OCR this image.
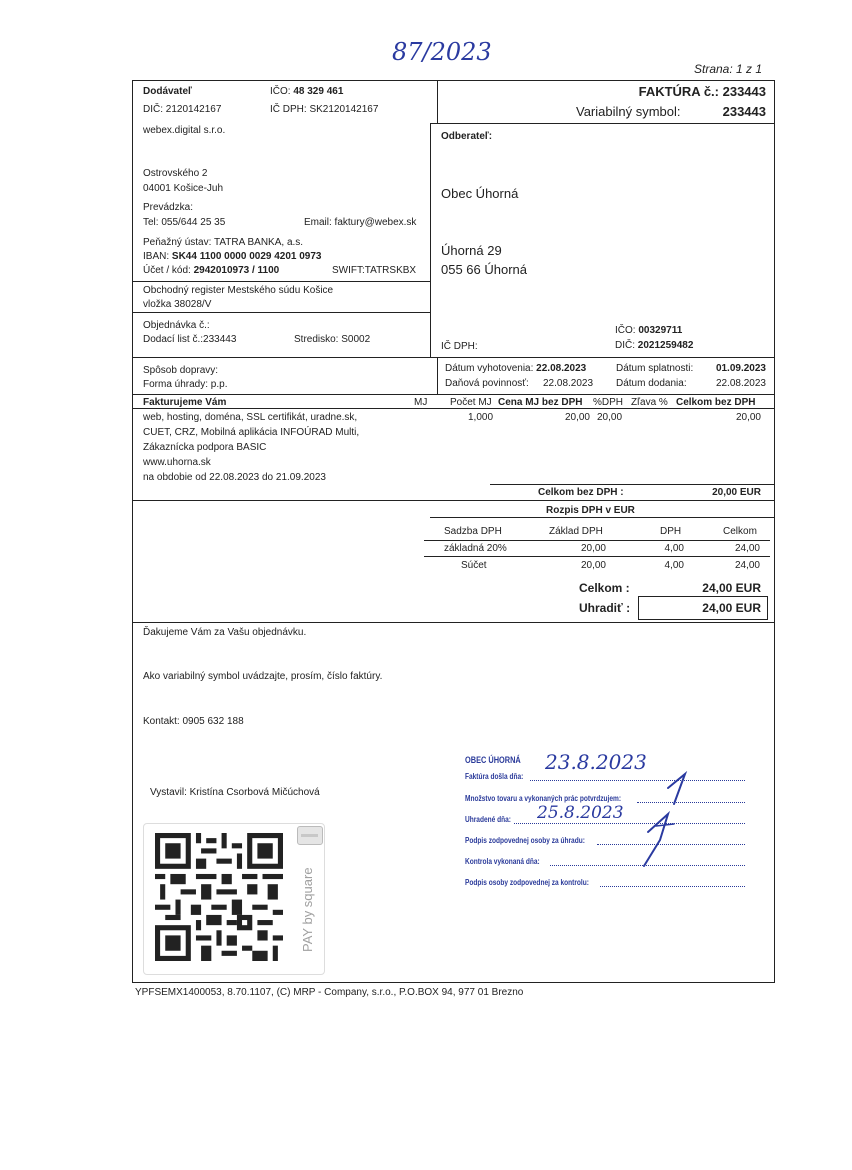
87/2023
Strana: 1 z 1
Dodávateľ	IČO: 48 329 461
DIČ: 2120142167	IČ DPH: SK2120142167
webex.digital s.r.o.
Ostrovského 2
04001 Košice-Juh
Prevádzka:
Tel: 055/644 25 35	Email: faktury@webex.sk
Peňažný ústav: TATRA BANKA, a.s.
IBAN: SK44 1100 0000 0029 4201 0973
Účet / kód: 2942010973 / 1100	SWIFT:TATRSKBX
Obchodný register Mestského súdu Košice
vložka 38028/V
Objednávka č.:
Dodací list č.:233443	Stredisko: S0002
Spôsob dopravy:
Forma úhrady: p.p.
FAKTÚRA č.: 233443
Variabilný symbol:	233443
Odberateľ:
Obec Úhorná
Úhorná 29
055 66 Úhorná
IČ DPH:
IČO: 00329711
DIČ: 2021259482
Dátum vyhotovenia: 22.08.2023	Dátum splatnosti:	01.09.2023
Daňová povinnosť: 22.08.2023 Dátum dodania:	22.08.2023
Fakturujeme Vám	MJ Počet MJ Cena MJ bez DPH %DPH Zľava % Celkom bez DPH
web, hosting, doména, SSL certifikát, uradne.sk,
CUET, CRZ, Mobilná aplikácia INFOÚRAD Multi,
Zákaznícka podpora BASIC
www.uhorna.sk
na obdobie od 22.08.2023 do 21.09.2023
1,000	20,00 20,00	20,00
Celkom bez DPH :	20,00 EUR
Rozpis DPH v EUR
Sadzba DPH	Základ DPH	DPH	Celkom
základná 20%	20,00	4,00	24,00
Súčet	20,00	4,00	24,00
Celkom :	24,00 EUR
Uhradiť :	24,00 EUR
Ďakujeme Vám za Vašu objednávku.
Ako variabilný symbol uvádzajte, prosím, číslo faktúry.
Kontakt: 0905 632 188
Vystavil: Kristína Csorbová Mičúchová
PAY by square
OBEC ÚHORNÁ
Faktúra došla dňa:
Množstvo tovaru a vykonaných prác potvrdzujem:
Uhradené dňa:
Podpis zodpovednej osoby za úhradu:
Kontrola vykonaná dňa:
Podpis osoby zodpovednej za kontrolu:
23.8.2023
25.8.2023
YPFSEMX1400053, 8.70.1107, (C) MRP - Company, s.r.o., P.O.BOX 94, 977 01 Brezno
